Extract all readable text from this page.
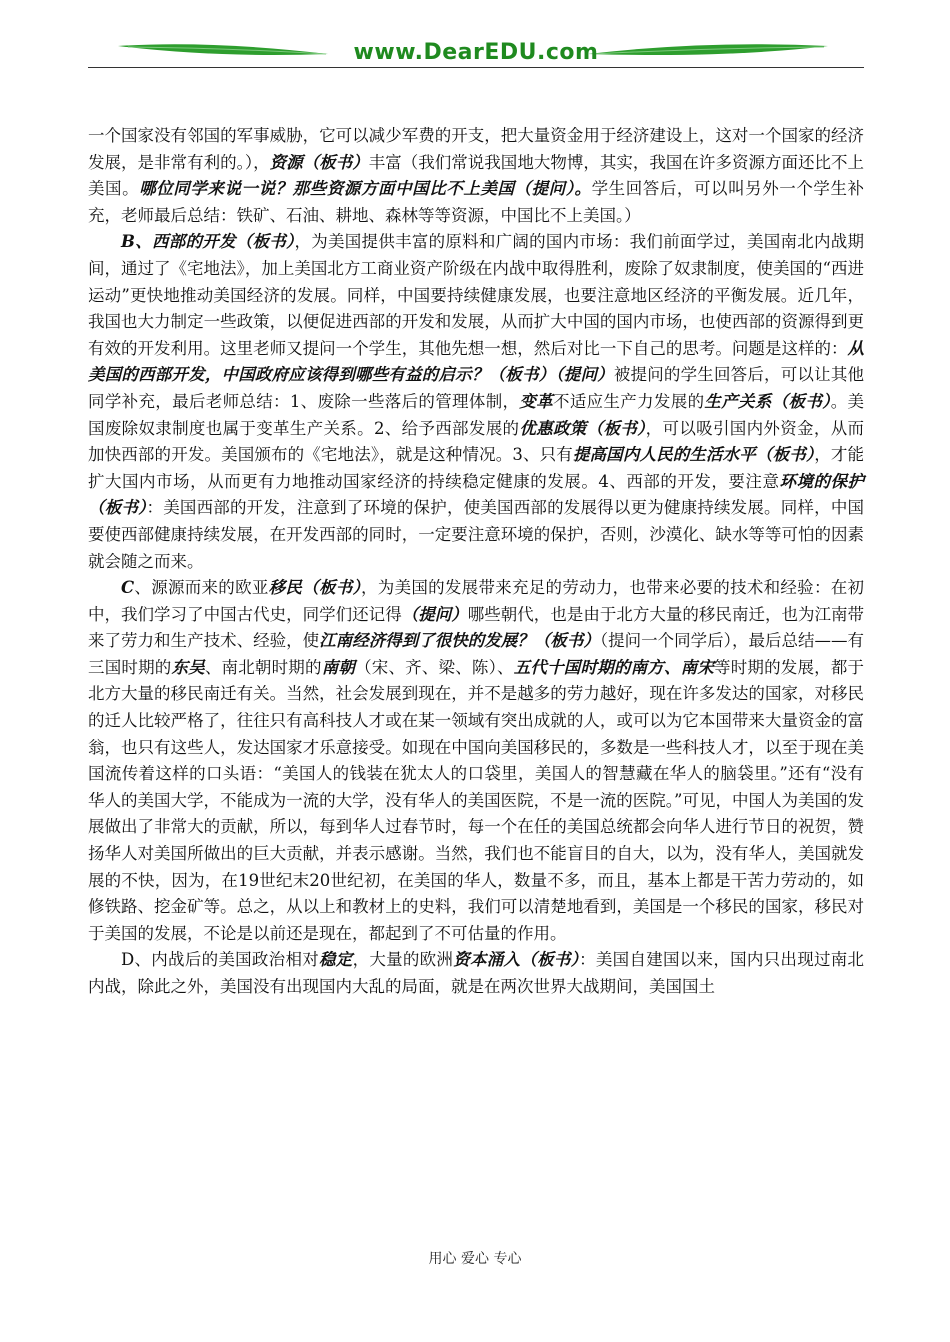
www.DearEDU.com

一个国家没有邻国的军事威胁，它可以减少军费的开支，把大量资金用于经济建设上，这对一个国家的经济发展，是非常有利的。），资源（板书）丰富（我们常说我国地大物博，其实，我国在许多资源方面还比不上美国。哪位同学来说一说？那些资源方面中国比不上美国（提问）。学生回答后，可以叫另外一个学生补充，老师最后总结：铁矿、石油、耕地、森林等等资源，中国比不上美国。）

B、西部的开发（板书），为美国提供丰富的原料和广阔的国内市场：我们前面学过，美国南北内战期间，通过了《宅地法》，加上美国北方工商业资产阶级在内战中取得胜利，废除了奴隶制度，使美国的“西进运动”更快地推动美国经济的发展。同样，中国要持续健康发展，也要注意地区经济的平衡发展。近几年，我国也大力制定一些政策，以便促进西部的开发和发展，从而扩大中国的国内市场，也使西部的资源得到更有效的开发利用。这里老师又提问一个学生，其他先想一想，然后对比一下自己的思考。问题是这样的：从美国的西部开发，中国政府应该得到哪些有益的启示？（板书）（提问）被提问的学生回答后，可以让其他同学补充，最后老师总结：1、废除一些落后的管理体制，变革不适应生产力发展的生产关系（板书）。美国废除奴隶制度也属于变革生产关系。2、给予西部发展的优惠政策（板书），可以吸引国内外资金，从而加快西部的开发。美国颁布的《宅地法》，就是这种情况。3、只有提高国内人民的生活水平（板书），才能扩大国内市场，从而更有力地推动国家经济的持续稳定健康的发展。4、西部的开发，要注意环境的保护（板书）：美国西部的开发，注意到了环境的保护，使美国西部的发展得以更为健康持续发展。同样，中国要使西部健康持续发展，在开发西部的同时，一定要注意环境的保护，否则，沙漠化、缺水等等可怕的因素就会随之而来。

C、源源而来的欧亚移民（板书），为美国的发展带来充足的劳动力，也带来必要的技术和经验：在初中，我们学习了中国古代史，同学们还记得（提问）哪些朝代，也是由于北方大量的移民南迁，也为江南带来了劳力和生产技术、经验，使江南经济得到了很快的发展？（板书）（提问一个同学后），最后总结——有三国时期的东吴、南北朝时期的南朝（宋、齐、梁、陈）、五代十国时期的南方、南宋等时期的发展，都于北方大量的移民南迁有关。当然，社会发展到现在，并不是越多的劳力越好，现在许多发达的国家，对移民的迁人比较严格了，往往只有高科技人才或在某一领域有突出成就的人，或可以为它本国带来大量资金的富翁，也只有这些人，发达国家才乐意接受。如现在中国向美国移民的，多数是一些科技人才，以至于现在美国流传着这样的口头语：“美国人的钱装在犹太人的口袋里，美国人的智慧藏在华人的脑袋里。”还有“没有华人的美国大学，不能成为一流的大学，没有华人的美国医院，不是一流的医院。”可见，中国人为美国的发展做出了非常大的贡献，所以，每到华人过春节时，每一个在任的美国总统都会向华人进行节日的祝贺，赞扬华人对美国所做出的巨大贡献，并表示感谢。当然，我们也不能盲目的自大，以为，没有华人，美国就发展的不快，因为，在19世纪末20世纪初，在美国的华人，数量不多，而且，基本上都是干苦力劳动的，如修铁路、挖金矿等。总之，从以上和教材上的史料，我们可以清楚地看到，美国是一个移民的国家，移民对于美国的发展，不论是以前还是现在，都起到了不可估量的作用。

D、内战后的美国政治相对稳定，大量的欧洲资本涌入（板书）：美国自建国以来，国内只出现过南北内战，除此之外，美国没有出现国内大乱的局面，就是在两次世界大战期间，美国国土

用心 爱心 专心
